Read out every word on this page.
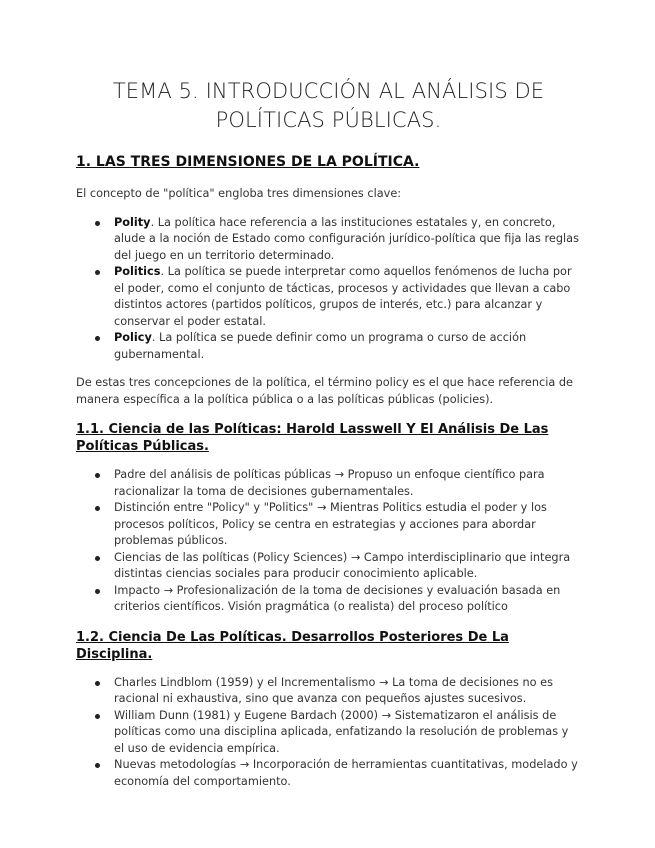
TEMA 5. INTRODUCCIÓN AL ANÁLISIS DE
POLÍTICAS PÚBLICAS.
1. LAS TRES DIMENSIONES DE LA POLÍTICA.

El concepto de "política" engloba tres dimensiones clave:

Polity. La política hace referencia a las instituciones estatales y, en concreto, alude a la noción de Estado como configuración jurídico-política que fija las reglas del juego en un territorio determinado.
Politics. La política se puede interpretar como aquellos fenómenos de lucha por el poder, como el conjunto de tácticas, procesos y actividades que llevan a cabo distintos actores (partidos políticos, grupos de interés, etc.) para alcanzar y conservar el poder estatal.
Policy. La política se puede definir como un programa o curso de acción gubernamental.

De estas tres concepciones de la política, el término policy es el que hace referencia de manera específica a la política pública o a las políticas públicas (policies).

1.1. Ciencia de las Políticas: Harold Lasswell Y El Análisis De Las Políticas Públicas.
Padre del análisis de políticas públicas → Propuso un enfoque científico para racionalizar la toma de decisiones gubernamentales.
Distinción entre "Policy" y "Politics" → Mientras Politics estudia el poder y los procesos políticos, Policy se centra en estrategias y acciones para abordar problemas públicos.
Ciencias de las políticas (Policy Sciences) → Campo interdisciplinario que integra distintas ciencias sociales para producir conocimiento aplicable.
Impacto → Profesionalización de la toma de decisiones y evaluación basada en criterios científicos. Visión pragmática (o realista) del proceso político
1.2. Ciencia De Las Políticas. Desarrollos Posteriores De La Disciplina.
Charles Lindblom (1959) y el Incrementalismo → La toma de decisiones no es racional ni exhaustiva, sino que avanza con pequeños ajustes sucesivos.
William Dunn (1981) y Eugene Bardach (2000) → Sistematizaron el análisis de políticas como una disciplina aplicada, enfatizando la resolución de problemas y el uso de evidencia empírica.
Nuevas metodologías → Incorporación de herramientas cuantitativas, modelado y economía del comportamiento.
